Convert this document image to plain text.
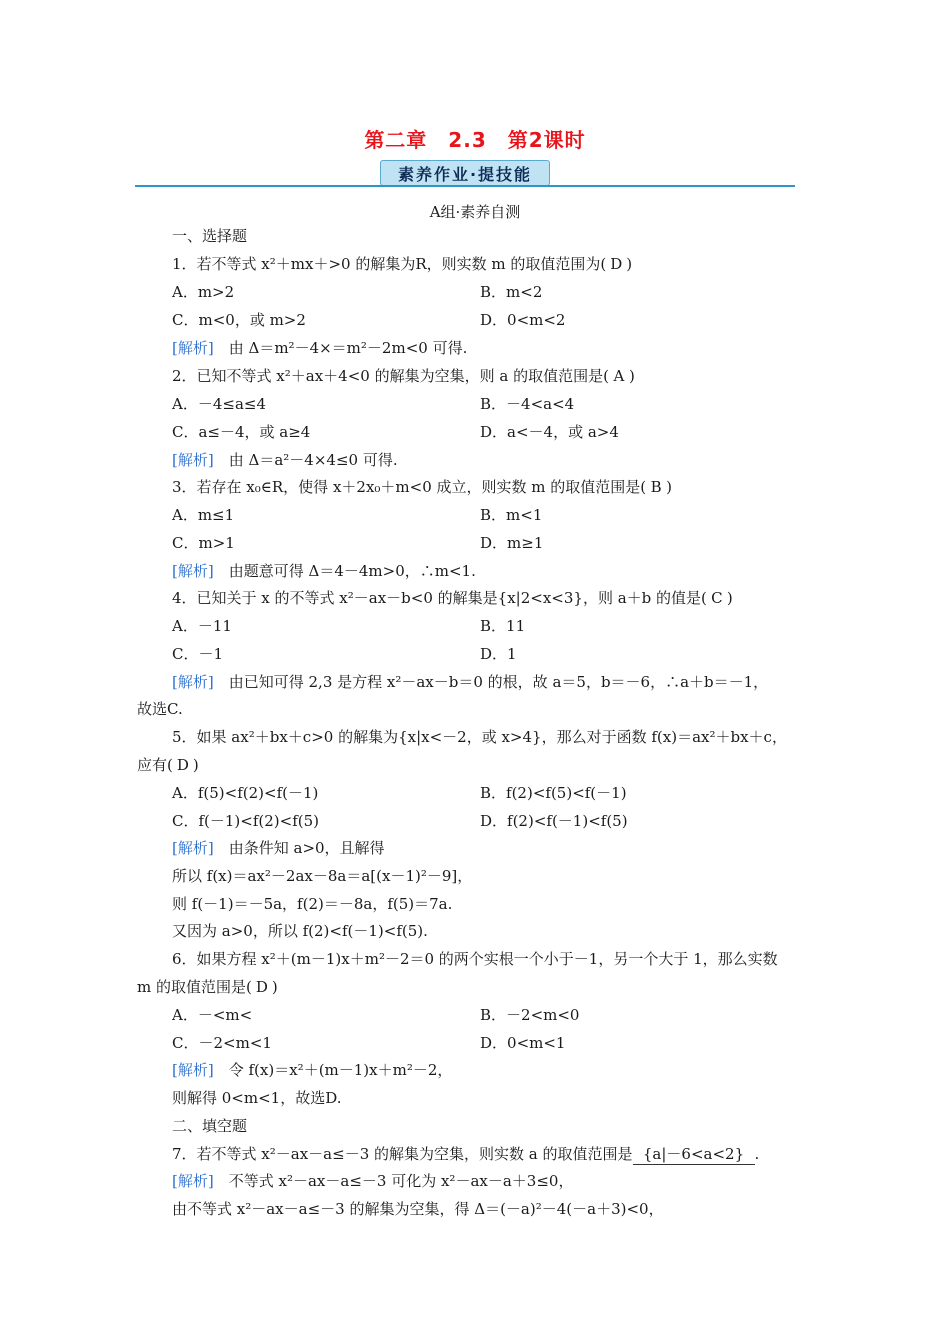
第二章　2.3　第2课时
素养作业·提技能
A组·素养自测
一、选择题
1．若不等式 x²＋mx＋>0 的解集为R，则实数 m 的取值范围为( D )
A．m>2	B．m<2
C．m<0，或 m>2	D．0<m<2
[解析]　 由 Δ＝m²－4×＝m²－2m<0 可得.
2．已知不等式 x²＋ax＋4<0 的解集为空集，则 a 的取值范围是( A )
A．－4≤a≤4	B．－4<a<4
C．a≤－4，或 a≥4	D．a<－4，或 a>4
[解析]　 由 Δ＝a²－4×4≤0 可得.
3．若存在 x₀∈R，使得 x＋2x₀＋m<0 成立，则实数 m 的取值范围是( B )
A．m≤1	B．m<1
C．m>1	D．m≥1
[解析]　 由题意可得 Δ＝4－4m>0，∴m<1.
4．已知关于 x 的不等式 x²－ax－b<0 的解集是{x|2<x<3}，则 a＋b 的值是( C )
A．－11	B．11
C．－1	D．1
[解析]　 由已知可得 2,3 是方程 x²－ax－b＝0 的根，故 a＝5，b＝－6，∴a＋b＝－1，
故选C.
5．如果 ax²＋bx＋c>0 的解集为{x|x<－2，或 x>4}，那么对于函数 f(x)＝ax²＋bx＋c，
应有( D )
A．f(5)<f(2)<f(－1)	B．f(2)<f(5)<f(－1)
C．f(－1)<f(2)<f(5)	D．f(2)<f(－1)<f(5)
[解析]　 由条件知 a>0，且解得
所以 f(x)＝ax²－2ax－8a＝a[(x－1)²－9]，
则 f(－1)＝－5a，f(2)＝－8a，f(5)＝7a.
又因为 a>0，所以 f(2)<f(－1)<f(5).
6．如果方程 x²＋(m－1)x＋m²－2＝0 的两个实根一个小于－1，另一个大于 1，那么实数
m 的取值范围是( D )
A．－<m<	B．－2<m<0
C．－2<m<1	D．0<m<1
[解析]　 令 f(x)＝x²＋(m－1)x＋m²－2，
则解得 0<m<1，故选D.
二、填空题
7．若不等式 x²－ax－a≤－3 的解集为空集，则实数 a 的取值范围是 {a|－6<a<2} .
[解析]　 不等式 x²－ax－a≤－3 可化为 x²－ax－a＋3≤0，
由不等式 x²－ax－a≤－3 的解集为空集，得 Δ＝(－a)²－4(－a＋3)<0，
